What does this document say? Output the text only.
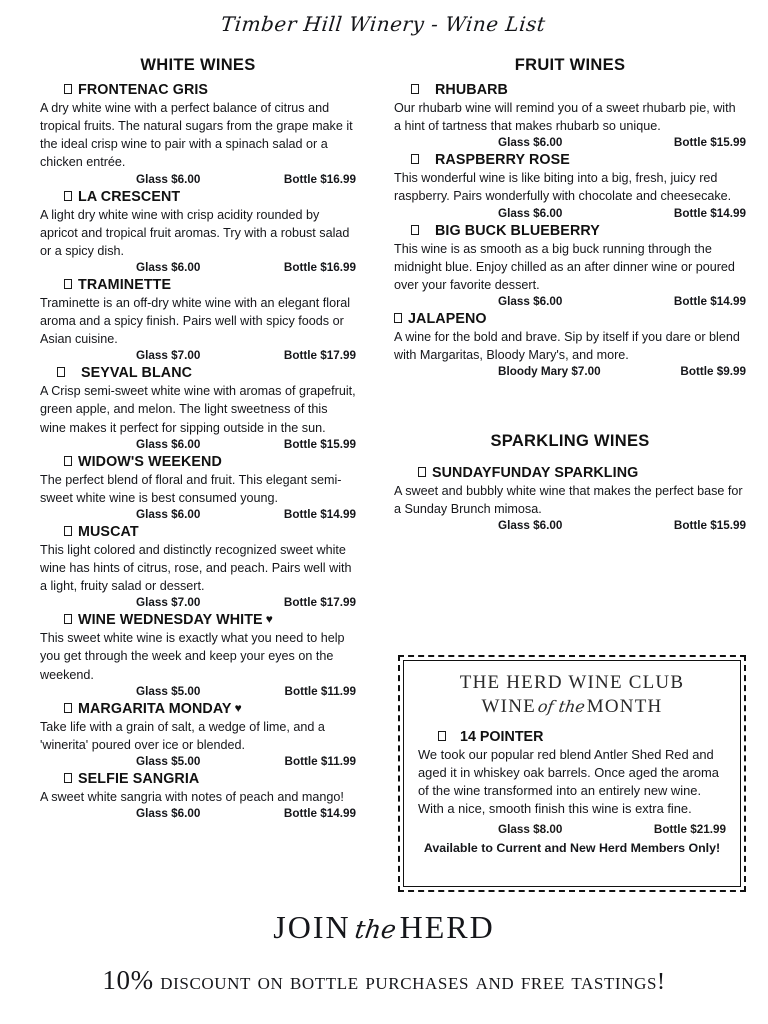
Timber Hill Winery - Wine List
WHITE WINES
FRONTENAC GRIS

A dry white wine with a perfect balance of citrus and tropical fruits. The natural sugars from the grape make it the ideal crisp wine to pair with a spinach salad or a chicken entrée.

Glass $6.00	Bottle $16.99
LA CRESCENT

A light dry white wine with crisp acidity rounded by apricot and tropical fruit aromas. Try with a robust salad or a spicy dish.

Glass $6.00	Bottle $16.99
TRAMINETTE

Traminette is an off-dry white wine with an elegant floral aroma and a spicy finish. Pairs well with spicy foods or Asian cuisine.

Glass $7.00	Bottle $17.99
SEYVAL BLANC

A Crisp semi-sweet white wine with aromas of grapefruit, green apple, and melon. The light sweetness of this wine makes it perfect for sipping outside in the sun.

Glass $6.00	Bottle $15.99
WIDOW'S WEEKEND

The perfect blend of floral and fruit. This elegant semi-sweet white wine is best consumed young.

Glass $6.00	Bottle $14.99
MUSCAT

This light colored and distinctly recognized sweet white wine has hints of citrus, rose, and peach. Pairs well with a light, fruity salad or dessert.

Glass $7.00	Bottle $17.99
WINE WEDNESDAY WHITE ♥

This sweet white wine is exactly what you need to help you get through the week and keep your eyes on the weekend.

Glass $5.00	Bottle $11.99
MARGARITA MONDAY ♥

Take life with a grain of salt, a wedge of lime, and a 'winerita' poured over ice or blended.

Glass $5.00	Bottle $11.99
SELFIE SANGRIA

A sweet white sangria with notes of peach and mango!

Glass $6.00	Bottle $14.99
FRUIT WINES
RHUBARB

Our rhubarb wine will remind you of a sweet rhubarb pie, with a hint of tartness that makes rhubarb so unique.

Glass $6.00	Bottle $15.99
RASPBERRY ROSE

This wonderful wine is like biting into a big, fresh, juicy red raspberry. Pairs wonderfully with chocolate and cheesecake.

Glass $6.00	Bottle $14.99
BIG BUCK BLUEBERRY

This wine is as smooth as a big buck running through the midnight blue. Enjoy chilled as an after dinner wine or poured over your favorite dessert.

Glass $6.00	Bottle $14.99
JALAPENO

A wine for the bold and brave. Sip by itself if you dare or blend with Margaritas, Bloody Mary's, and more.

Bloody Mary $7.00	Bottle $9.99
SPARKLING WINES
SUNDAYFUNDAY SPARKLING

A sweet and bubbly white wine that makes the perfect base for a Sunday Brunch mimosa.

Glass $6.00	Bottle $15.99
THE HERD WINE CLUB
WINEof theMONTH
14 POINTER

We took our popular red blend Antler Shed Red and aged it in whiskey oak barrels. Once aged the aroma of the wine transformed into an entirely new wine. With a nice, smooth finish this wine is extra fine.

Glass $8.00	Bottle $21.99
Available to Current and New Herd Members Only!
JOINtheHERD
10% discount on bottle purchases and free tastings!
